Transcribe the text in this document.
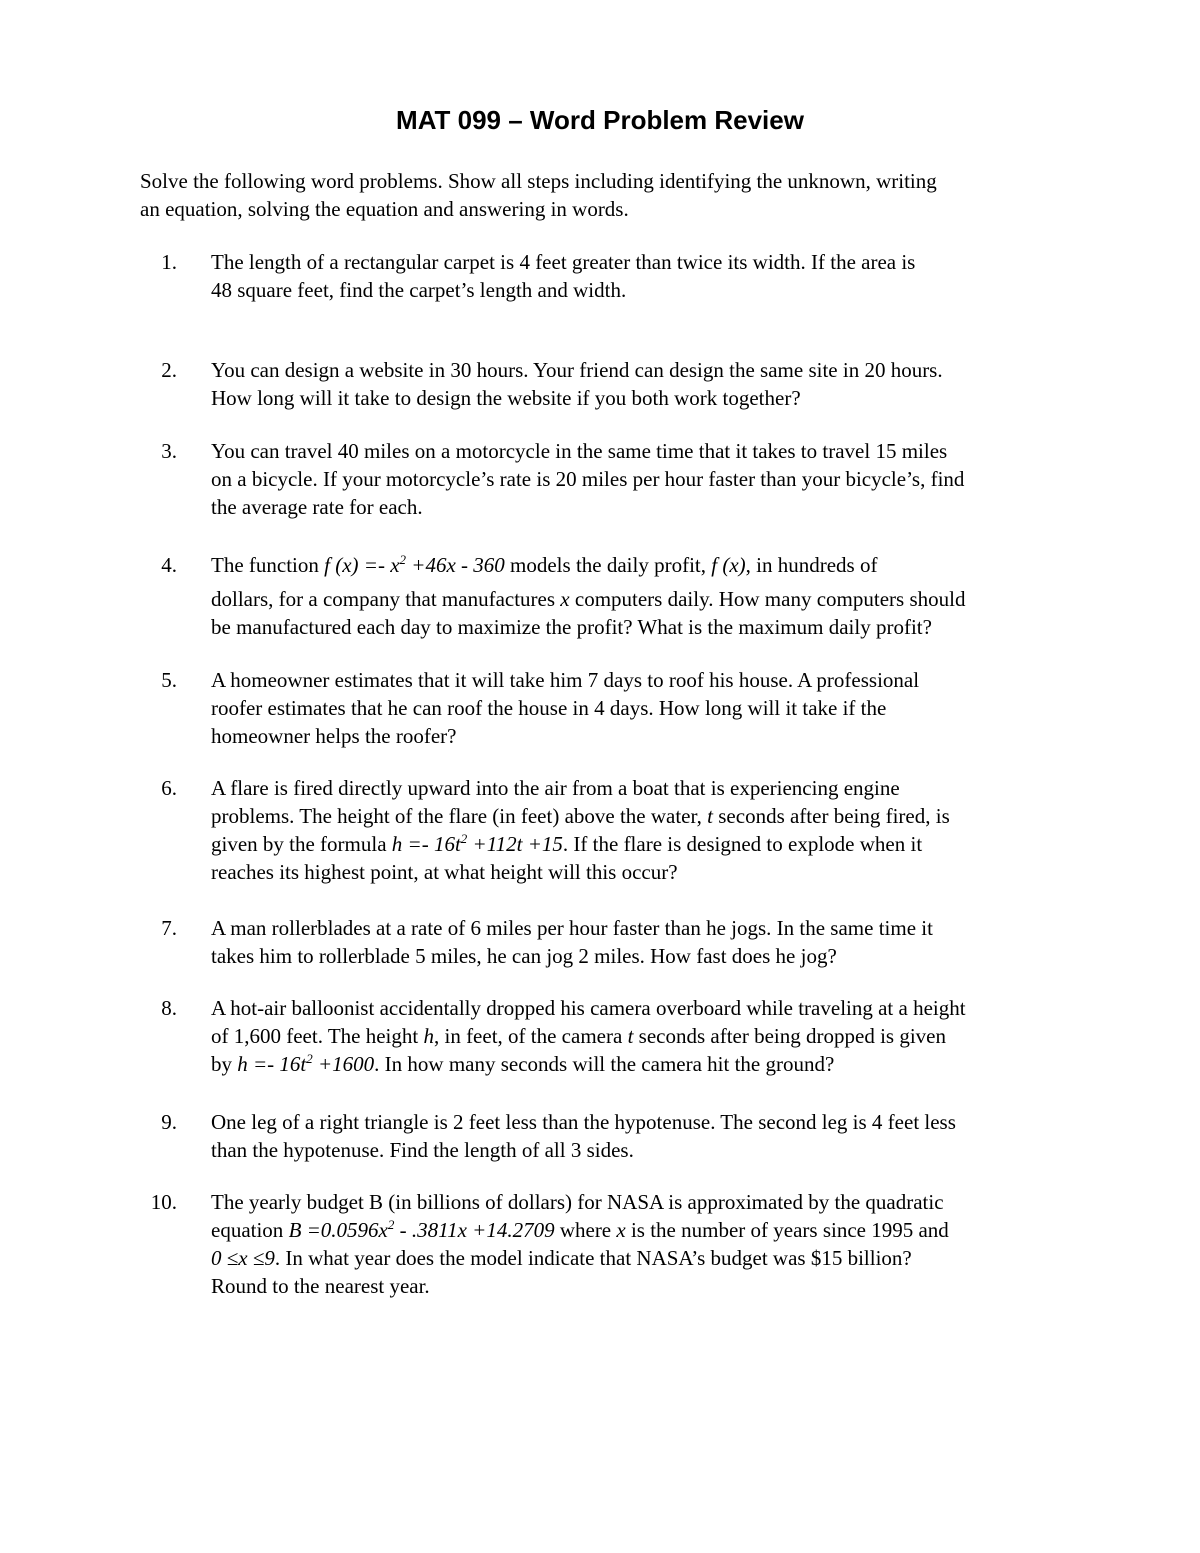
MAT 099 – Word Problem Review
Solve the following word problems. Show all steps including identifying the unknown, writing
an equation, solving the equation and answering in words.
1. The length of a rectangular carpet is 4 feet greater than twice its width. If the area is
48 square feet, find the carpet’s length and width.
2. You can design a website in 30 hours. Your friend can design the same site in 20 hours.
How long will it take to design the website if you both work together?
3. You can travel 40 miles on a motorcycle in the same time that it takes to travel 15 miles
on a bicycle. If your motorcycle’s rate is 20 miles per hour faster than your bicycle’s, find
the average rate for each.
4. The function f $(x) =- x^2 +46x - 360$ models the daily profit, f (x), in hundreds of
dollars, for a company that manufactures x computers daily. How many computers should
be manufactured each day to maximize the profit? What is the maximum daily profit?
5. A homeowner estimates that it will take him 7 days to roof his house. A professional
roofer estimates that he can roof the house in 4 days. How long will it take if the
homeowner helps the roofer?
6. A flare is fired directly upward into the air from a boat that is experiencing engine
problems. The height of the flare (in feet) above the water, t seconds after being fired, is
given by the formula $h =- 16t^2 +112t +15$. If the flare is designed to explode when it
reaches its highest point, at what height will this occur?
7. A man rollerblades at a rate of 6 miles per hour faster than he jogs. In the same time it
takes him to rollerblade 5 miles, he can jog 2 miles. How fast does he jog?
8. A hot-air balloonist accidentally dropped his camera overboard while traveling at a height
of 1,600 feet. The height h, in feet, of the camera t seconds after being dropped is given
by $h =- 16t^2 +1600$. In how many seconds will the camera hit the ground?
9. One leg of a right triangle is 2 feet less than the hypotenuse. The second leg is 4 feet less
than the hypotenuse. Find the length of all 3 sides.
10. The yearly budget B (in billions of dollars) for NASA is approximated by the quadratic
equation $B =0.0596x^2 - .3811x +14.2709$ where x is the number of years since 1995 and
0 ≤x ≤9. In what year does the model indicate that NASA’s budget was $15 billion?
Round to the nearest year.
